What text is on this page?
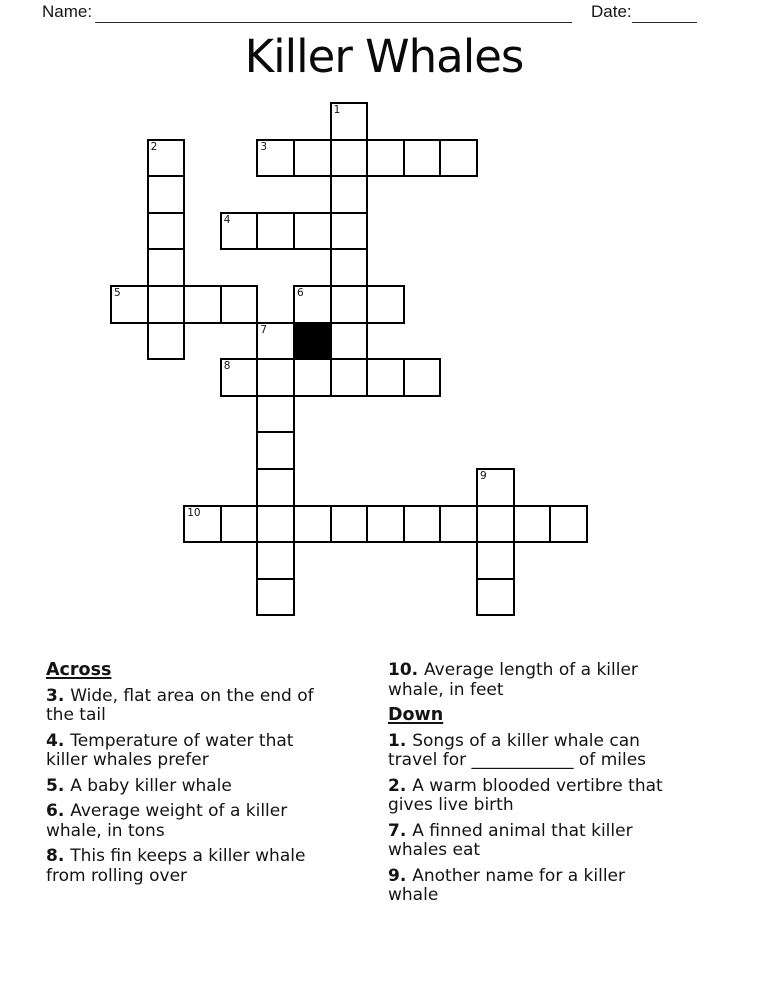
Name:	Date:
Killer Whales
1
2	3
4
5	6
7
8
9
10
Across
3. Wide, flat area on the end of
the tail
4. Temperature of water that
killer whales prefer
5. A baby killer whale
6. Average weight of a killer
whale, in tons
8. This fin keeps a killer whale
from rolling over
10. Average length of a killer
whale, in feet
Down
1. Songs of a killer whale can
travel for ____________ of miles
2. A warm blooded vertibre that
gives live birth
7. A finned animal that killer
whales eat
9. Another name for a killer
whale
